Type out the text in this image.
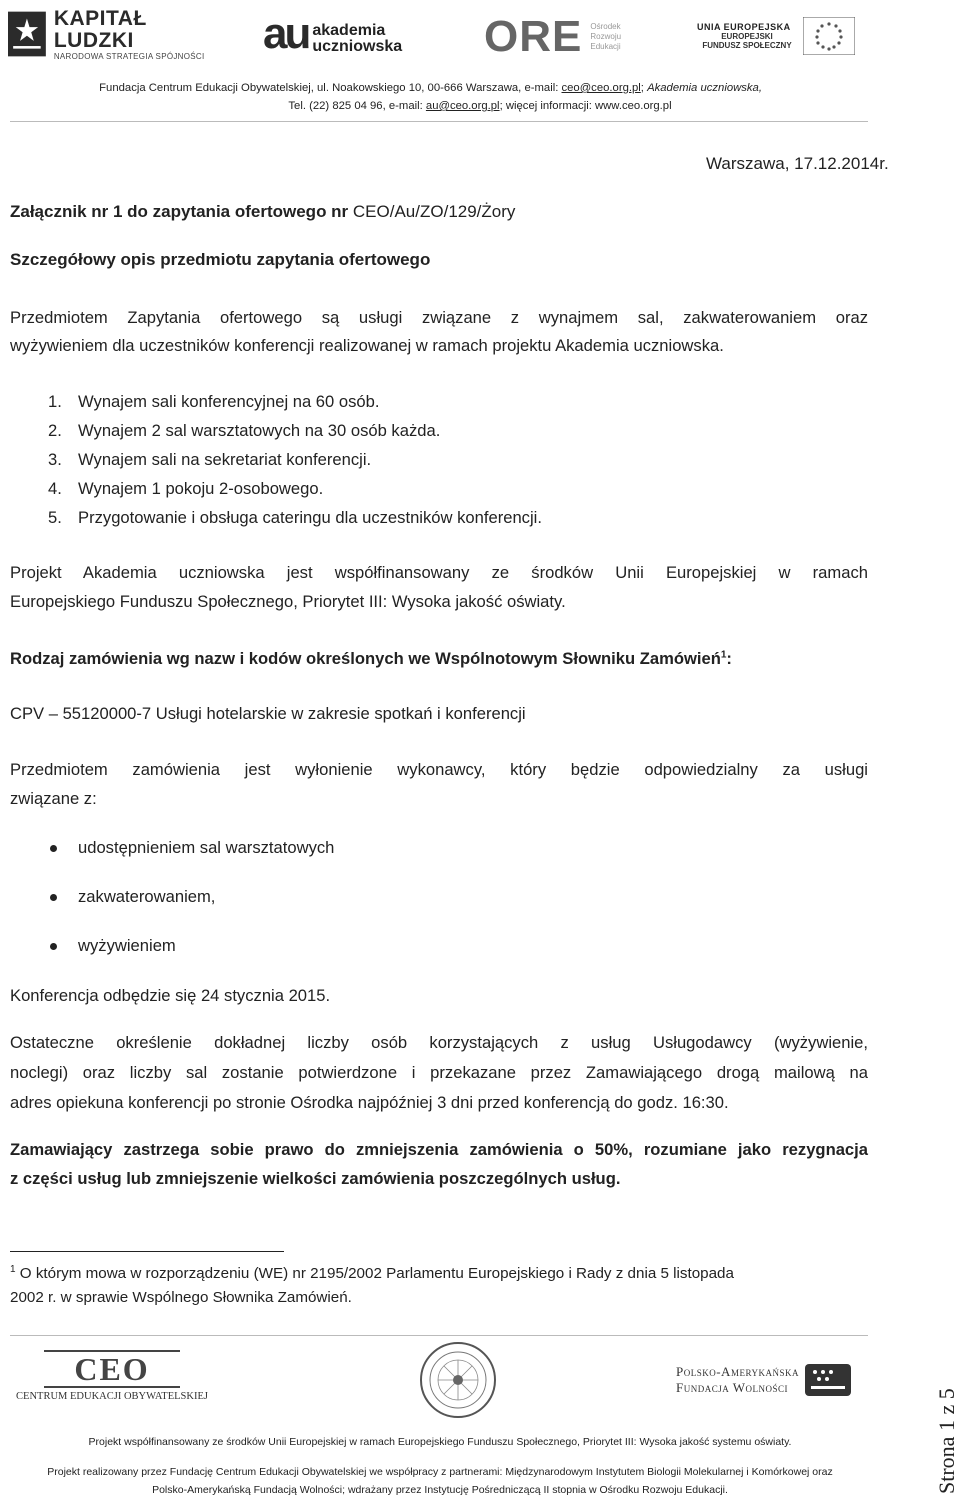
KAPITAŁ LUDZKI
NARODOWA STRATEGIA SPÓJNOŚCI au akademia
uczniowska ORE Ośrodek
Rozwoju
Edukacji
UNIA EUROPEJSKA
EUROPEJSKI
FUNDUSZ SPOŁECZNY
Fundacja Centrum Edukacji Obywatelskiej, ul. Noakowskiego 10, 00-666 Warszawa, e-mail: ceo@ceo.org.pl; Akademia uczniowska,
Tel. (22) 825 04 96, e-mail: au@ceo.org.pl; więcej informacji: www.ceo.org.pl
Warszawa, 17.12.2014r.
Załącznik nr 1 do zapytania ofertowego nr CEO/Au/ZO/129/Żory
Szczegółowy opis przedmiotu zapytania ofertowego
Przedmiotem Zapytania ofertowego są usługi związane z wynajmem sal, zakwaterowaniem oraz
wyżywieniem dla uczestników konferencji realizowanej w ramach projektu Akademia uczniowska.
1. Wynajem sali konferencyjnej na 60 osób.
2. Wynajem 2 sal warsztatowych na 30 osób każda.
3. Wynajem sali na sekretariat konferencji.
4. Wynajem 1 pokoju 2-osobowego.
5. Przygotowanie i obsługa cateringu dla uczestników konferencji.
Projekt Akademia uczniowska jest współfinansowany ze środków Unii Europejskiej w ramach
Europejskiego Funduszu Społecznego, Priorytet III: Wysoka jakość oświaty.
Rodzaj zamówienia wg nazw i kodów określonych we Wspólnotowym Słowniku Zamówień$^1$:
CPV – 55120000-7 Usługi hotelarskie w zakresie spotkań i konferencji
Przedmiotem zamówienia jest wyłonienie wykonawcy, który będzie odpowiedzialny za usługi
związane z:
udostępnieniem sal warsztatowych
zakwaterowaniem,
wyżywieniem
Konferencja odbędzie się 24 stycznia 2015.
Ostateczne określenie dokładnej liczby osób korzystających z usług Usługodawcy (wyżywienie,
noclegi) oraz liczby sal zostanie potwierdzone i przekazane przez Zamawiającego drogą mailową na
adres opiekuna konferencji po stronie Ośrodka najpóźniej 3 dni przed konferencją do godz. 16:30.
Zamawiający zastrzega sobie prawo do zmniejszenia zamówienia o 50%, rozumiane jako rezygnacja
z części usług lub zmniejszenie wielkości zamówienia poszczególnych usług.
$^1$ O którym mowa w rozporządzeniu (WE) nr 2195/2002 Parlamentu Europejskiego i Rady z dnia 5 listopada
2002 r. w sprawie Wspólnego Słownika Zamówień.
CEO
CENTRUM EDUKACJI OBYWATELSKIEJ
Polsko-Amerykańska
Fundacja Wolności
Projekt współfinansowany ze środków Unii Europejskiej w ramach Europejskiego Funduszu Społecznego, Priorytet III: Wysoka jakość systemu oświaty.
Projekt realizowany przez Fundację Centrum Edukacji Obywatelskiej we współpracy z partnerami: Międzynarodowym Instytutem Biologii Molekularnej i Komórkowej oraz
Polsko-Amerykańską Fundacją Wolności; wdrażany przez Instytucję Pośredniczącą II stopnia w Ośrodku Rozwoju Edukacji.	Strona 1 z 5
